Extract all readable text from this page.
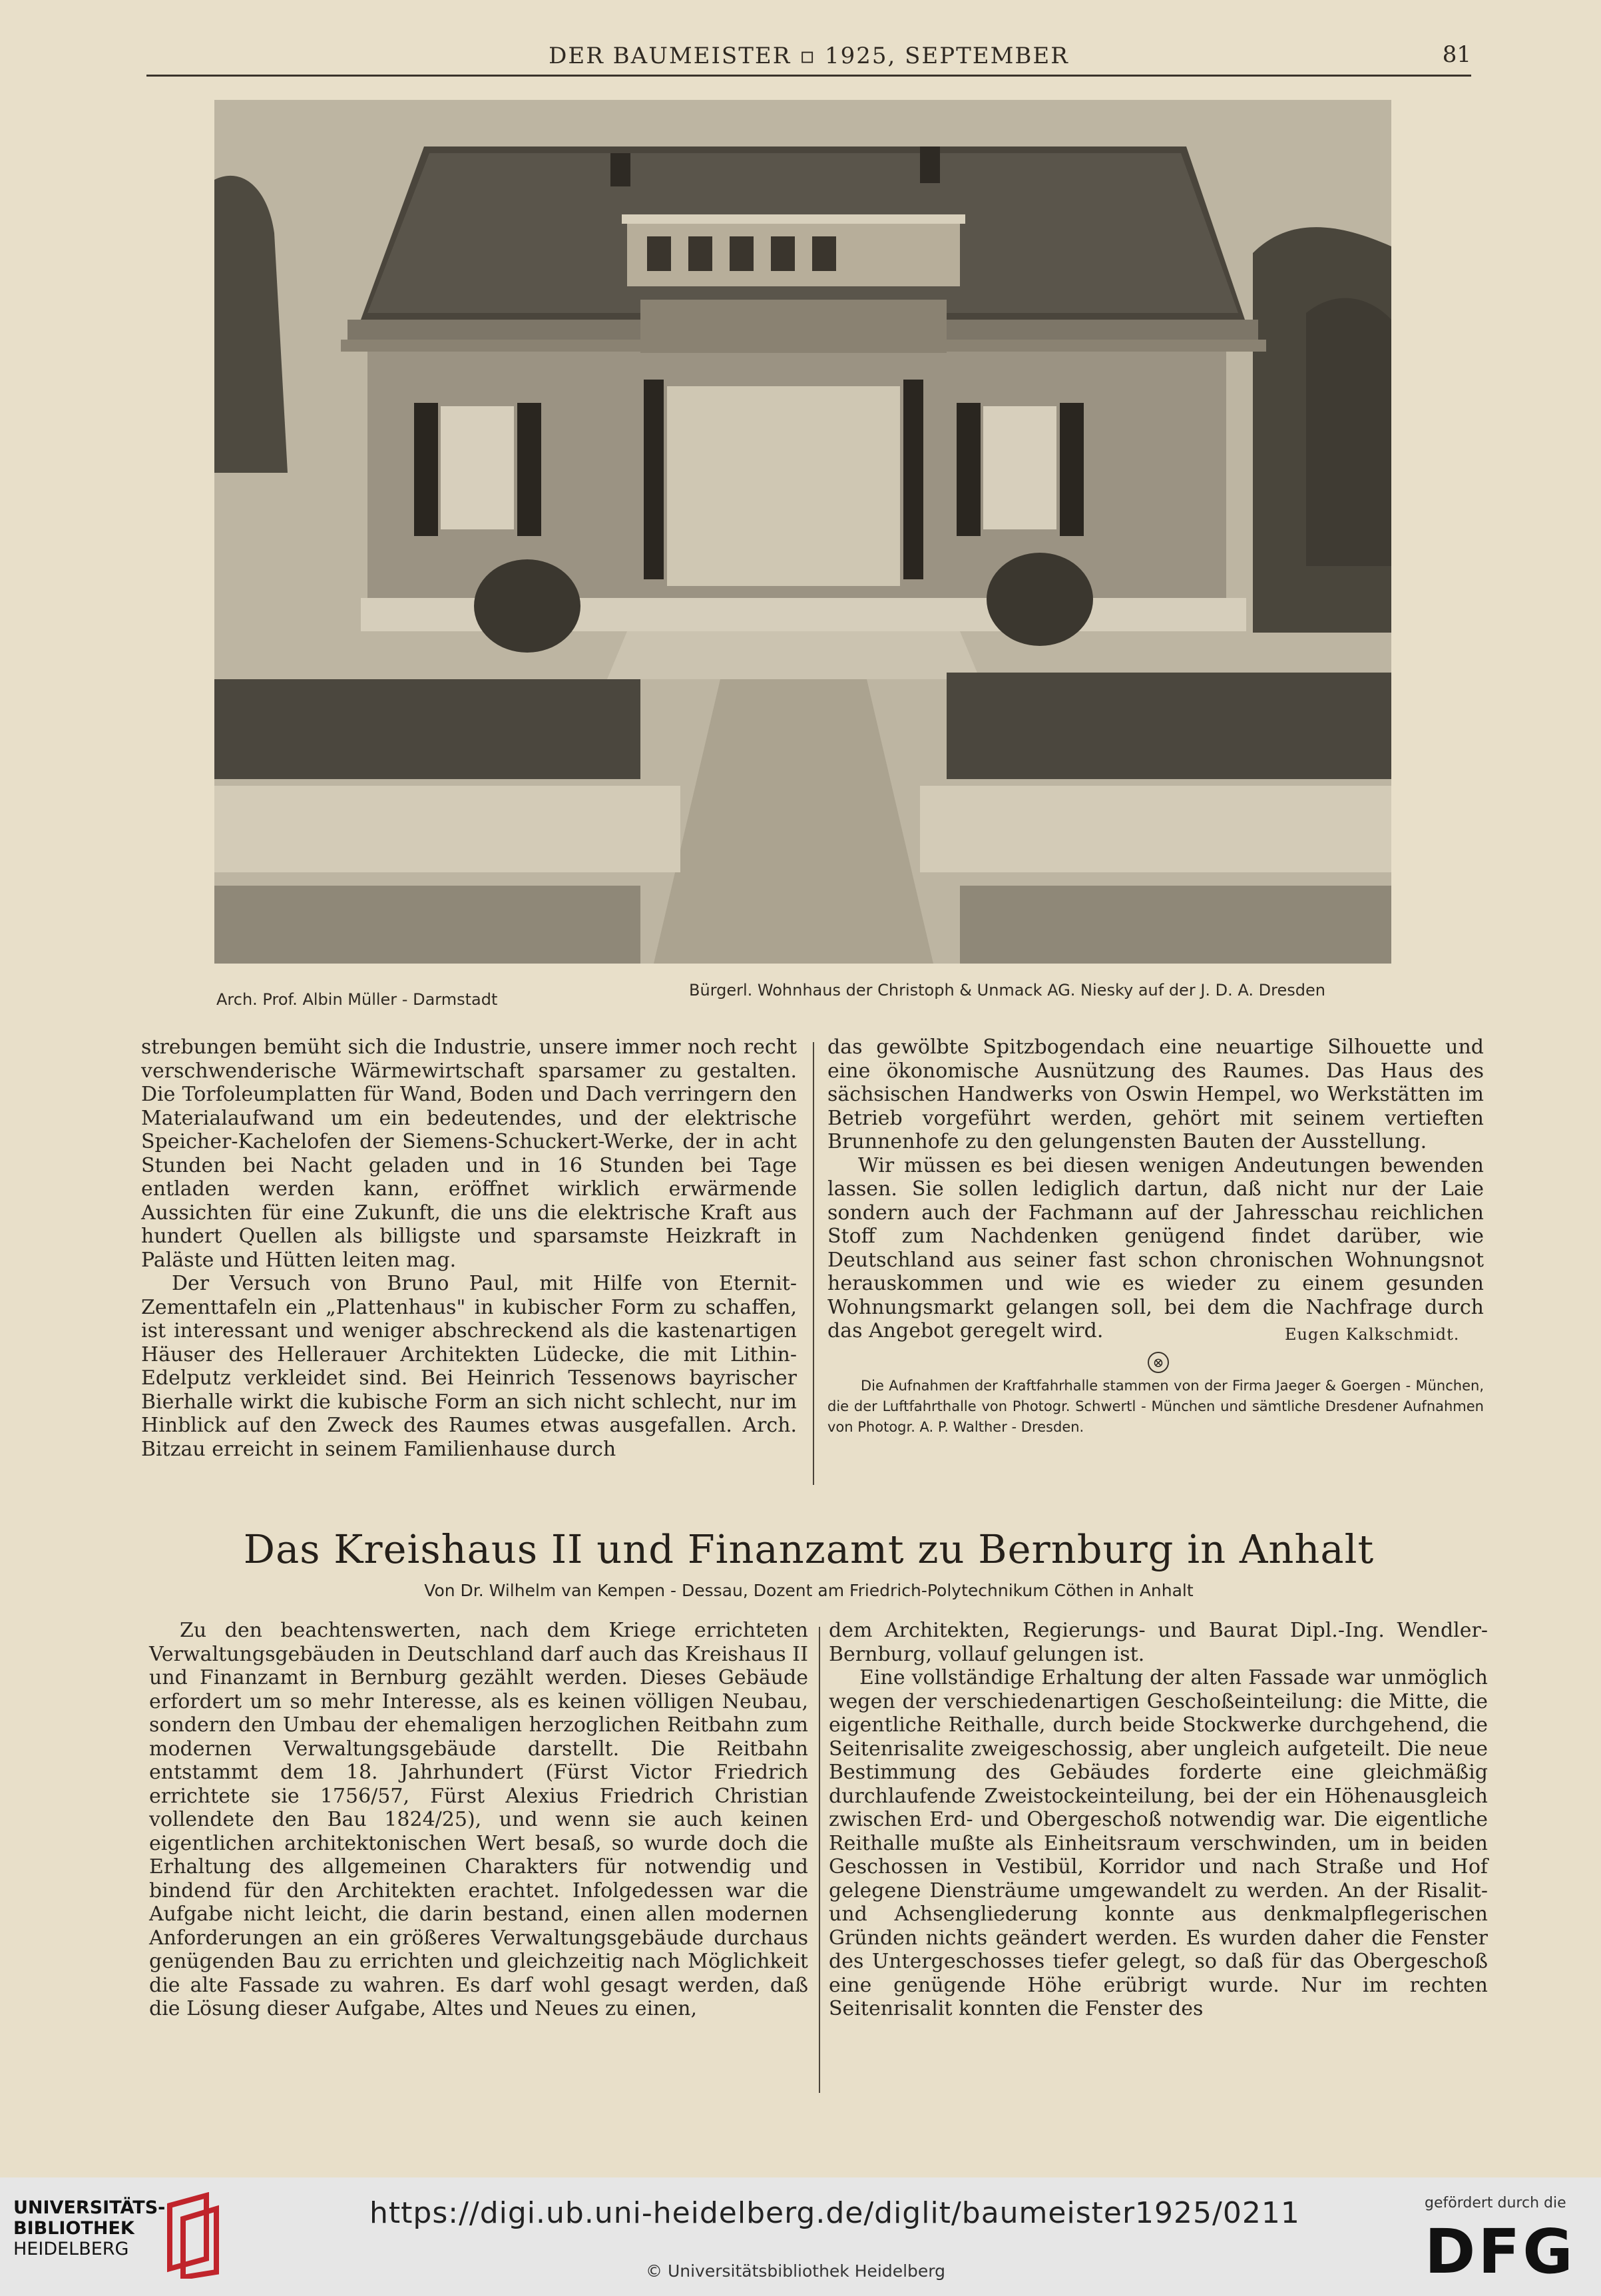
DER BAUMEISTER ▫ 1925, SEPTEMBER	81
Arch. Prof. Albin Müller - Darmstadt	Bürgerl. Wohnhaus der Christoph & Unmack AG. Niesky auf der J. D. A. Dresden

strebungen bemüht sich die Industrie, unsere immer noch recht verschwenderische Wärmewirtschaft sparsamer zu gestalten. Die Torfoleumplatten für Wand, Boden und Dach verringern den Materialaufwand um ein bedeutendes, und der elektrische Speicher-Kachelofen der Siemens-Schuckert-Werke, der in acht Stunden bei Nacht geladen und in 16 Stunden bei Tage entladen werden kann, eröffnet wirklich erwärmende Aussichten für eine Zukunft, die uns die elektrische Kraft aus hundert Quellen als billigste und sparsamste Heizkraft in Paläste und Hütten leiten mag.

Der Versuch von Bruno Paul, mit Hilfe von Eternit-Zementtafeln ein „Plattenhaus" in kubischer Form zu schaffen, ist interessant und weniger abschreckend als die kastenartigen Häuser des Hellerauer Architekten Lüdecke, die mit Lithin-Edelputz verkleidet sind. Bei Heinrich Tessenows bayrischer Bierhalle wirkt die kubische Form an sich nicht schlecht, nur im Hinblick auf den Zweck des Raumes etwas ausgefallen. Arch. Bitzau erreicht in seinem Familienhause durch

das gewölbte Spitzbogendach eine neuartige Silhouette und eine ökonomische Ausnützung des Raumes. Das Haus des sächsischen Handwerks von Oswin Hempel, wo Werkstätten im Betrieb vorgeführt werden, gehört mit seinem vertieften Brunnenhofe zu den gelungensten Bauten der Ausstellung.

Wir müssen es bei diesen wenigen Andeutungen bewenden lassen. Sie sollen lediglich dartun, daß nicht nur der Laie sondern auch der Fachmann auf der Jahresschau reichlichen Stoff zum Nachdenken genügend findet darüber, wie Deutschland aus seiner fast schon chronischen Wohnungsnot herauskommen und wie es wieder zu einem gesunden Wohnungsmarkt gelangen soll, bei dem die Nachfrage durch das Angebot geregelt wird.	Eugen Kalkschmidt.
⊗

Die Aufnahmen der Kraftfahrhalle stammen von der Firma Jaeger & Goergen - München, die der Luftfahrthalle von Photogr. Schwertl - München und sämtliche Dresdener Aufnahmen von Photogr. A. P. Walther - Dresden.

Das Kreishaus II und Finanzamt zu Bernburg in Anhalt
Von Dr. Wilhelm van Kempen - Dessau, Dozent am Friedrich-Polytechnikum Cöthen in Anhalt

Zu den beachtenswerten, nach dem Kriege errichteten Verwaltungsgebäuden in Deutschland darf auch das Kreishaus II und Finanzamt in Bernburg gezählt werden. Dieses Gebäude erfordert um so mehr Interesse, als es keinen völligen Neubau, sondern den Umbau der ehemaligen herzoglichen Reitbahn zum modernen Verwaltungsgebäude darstellt. Die Reitbahn entstammt dem 18. Jahrhundert (Fürst Victor Friedrich errichtete sie 1756/57, Fürst Alexius Friedrich Christian vollendete den Bau 1824/25), und wenn sie auch keinen eigentlichen architektonischen Wert besaß, so wurde doch die Erhaltung des allgemeinen Charakters für notwendig und bindend für den Architekten erachtet. Infolgedessen war die Aufgabe nicht leicht, die darin bestand, einen allen modernen Anforderungen an ein größeres Verwaltungsgebäude durchaus genügenden Bau zu errichten und gleichzeitig nach Möglichkeit die alte Fassade zu wahren. Es darf wohl gesagt werden, daß die Lösung dieser Aufgabe, Altes und Neues zu einen,

dem Architekten, Regierungs- und Baurat Dipl.-Ing. Wendler-Bernburg, vollauf gelungen ist.

Eine vollständige Erhaltung der alten Fassade war unmöglich wegen der verschiedenartigen Geschoßeinteilung: die Mitte, die eigentliche Reithalle, durch beide Stockwerke durchgehend, die Seitenrisalite zweigeschossig, aber ungleich aufgeteilt. Die neue Bestimmung des Gebäudes forderte eine gleichmäßig durchlaufende Zweistockeinteilung, bei der ein Höhenausgleich zwischen Erd- und Obergeschoß notwendig war. Die eigentliche Reithalle mußte als Einheitsraum verschwinden, um in beiden Geschossen in Vestibül, Korridor und nach Straße und Hof gelegene Diensträume umgewandelt zu werden. An der Risalit- und Achsengliederung konnte aus denkmalpflegerischen Gründen nichts geändert werden. Es wurden daher die Fenster des Untergeschosses tiefer gelegt, so daß für das Obergeschoß eine genügende Höhe erübrigt wurde. Nur im rechten Seitenrisalit konnten die Fenster des

UNIVERSITÄTS-
BIBLIOTHEK
HEIDELBERG
https://digi.ub.uni-heidelberg.de/diglit/baumeister1925/0211
© Universitätsbibliothek Heidelberg
gefördert durch die
DFG
